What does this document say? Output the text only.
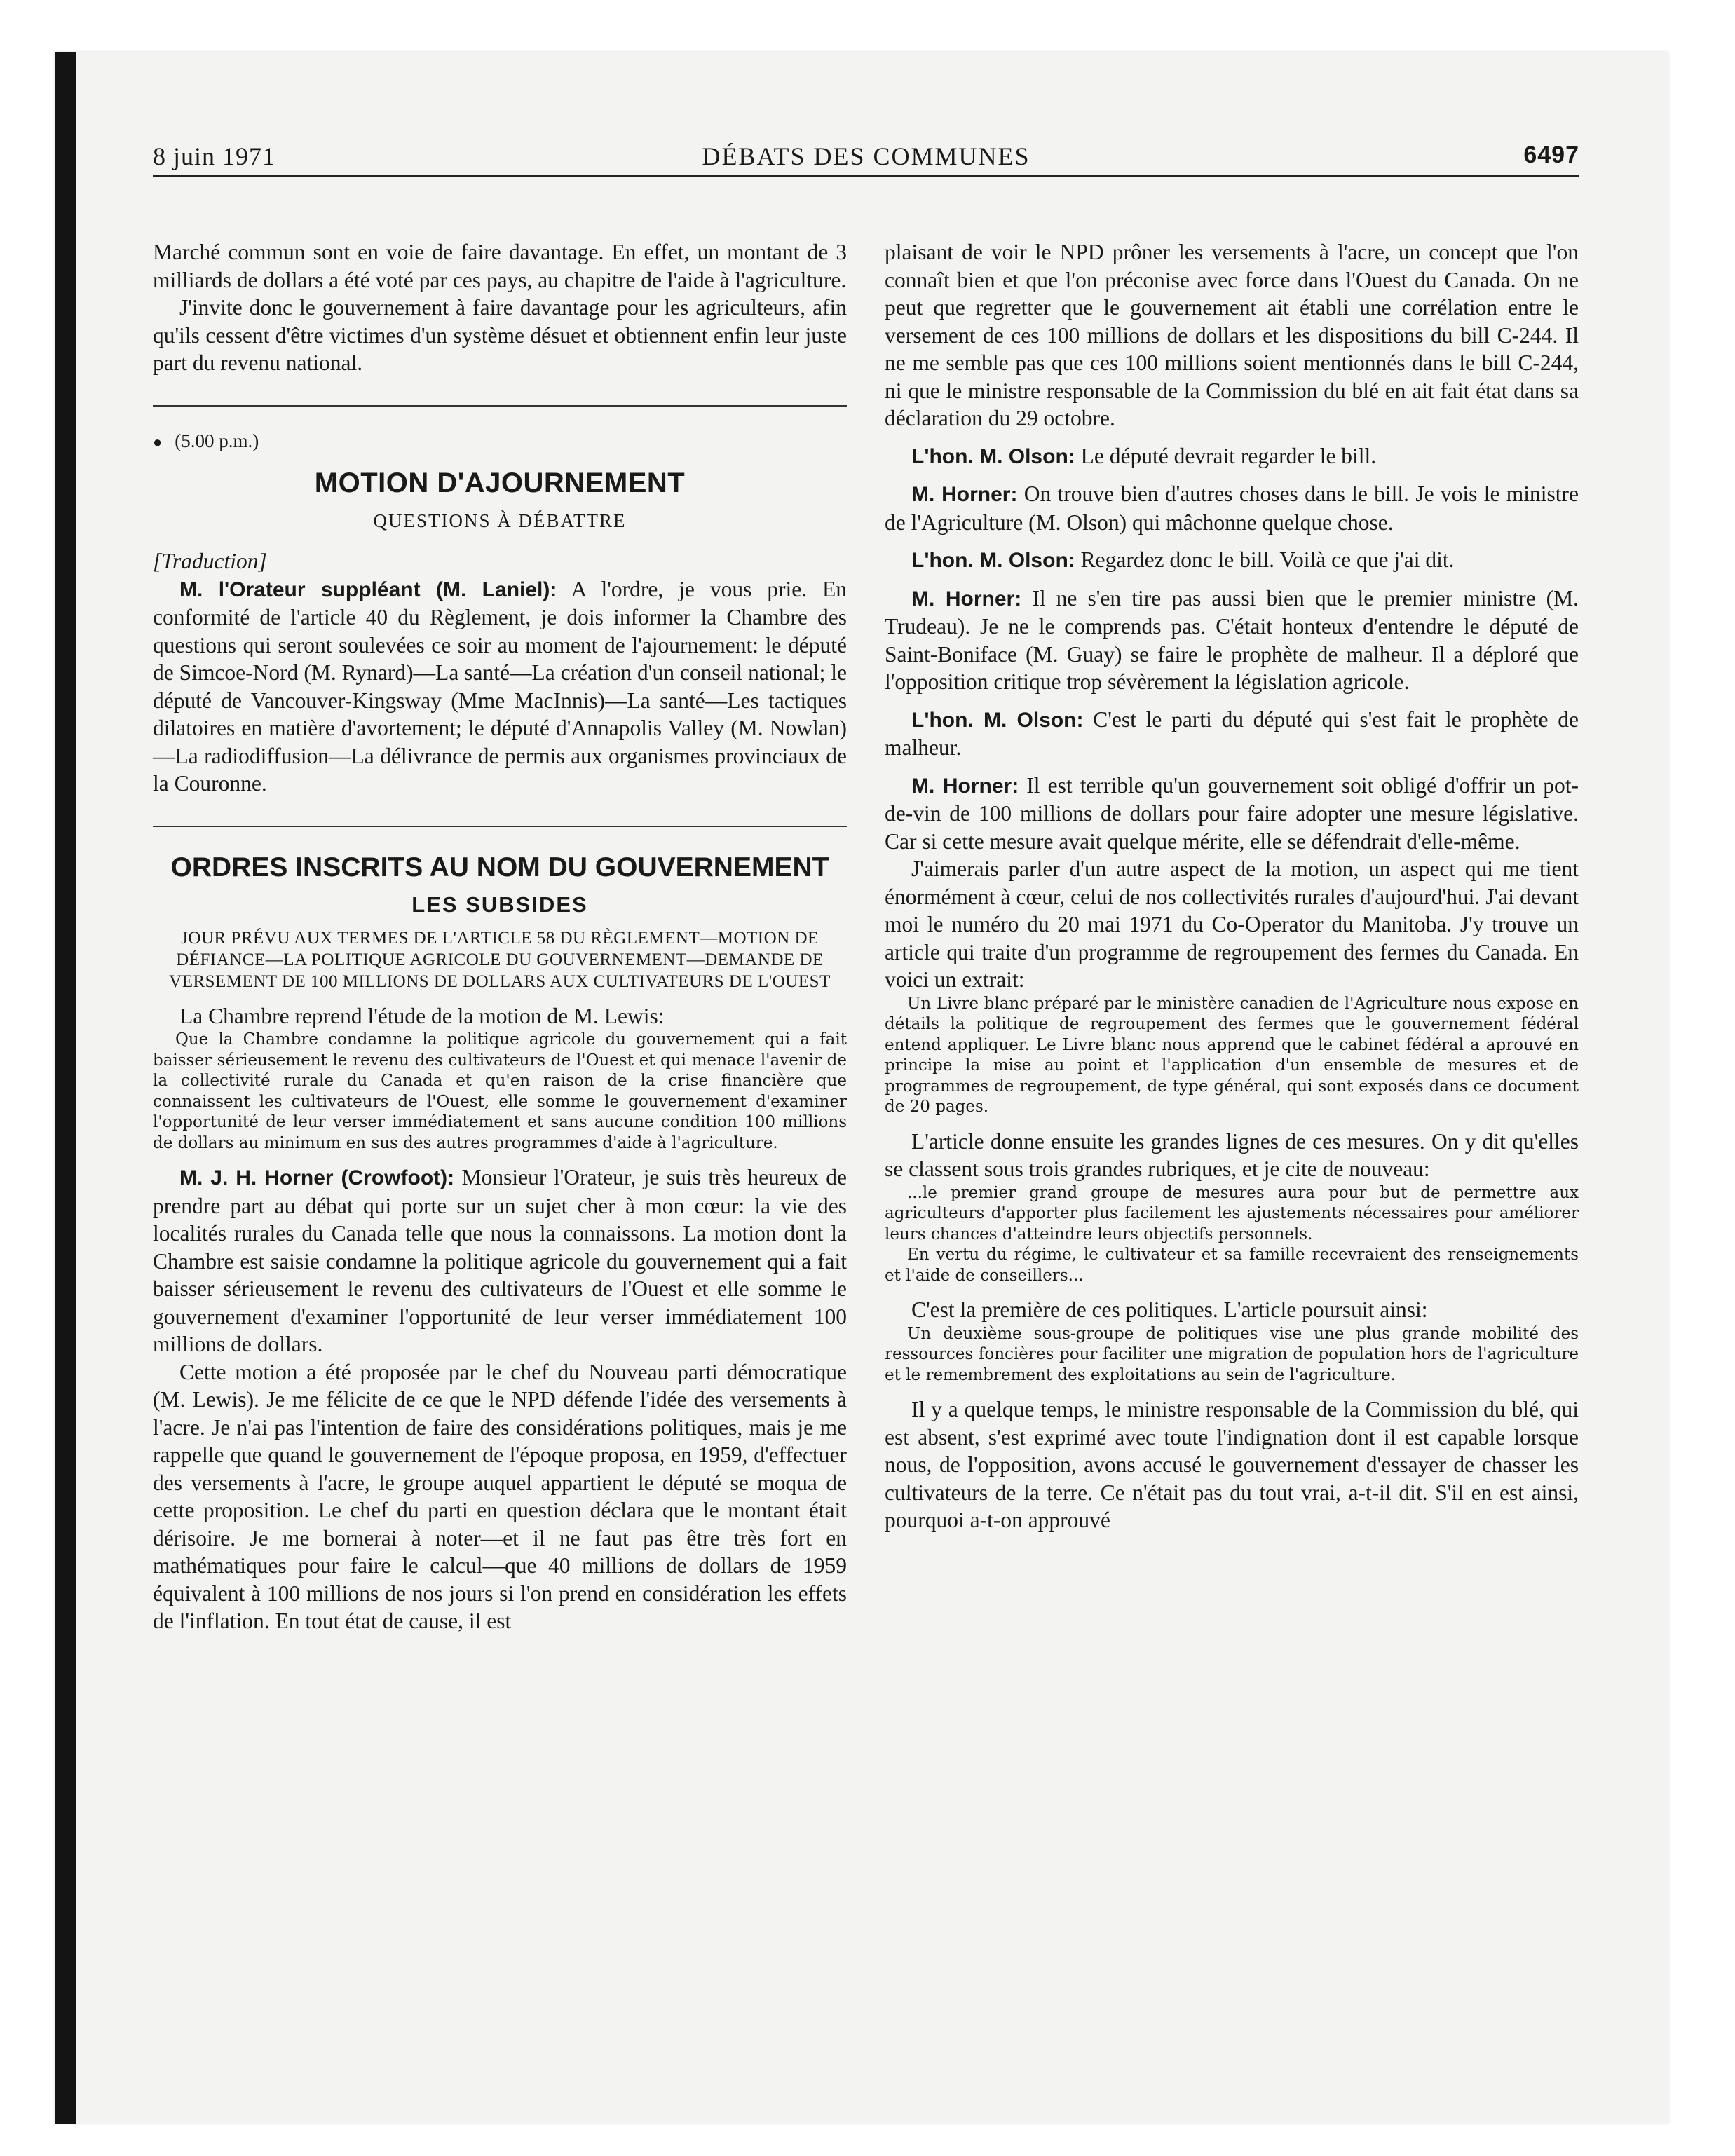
8 juin 1971	DÉBATS DES COMMUNES	6497

Marché commun sont en voie de faire davantage. En effet, un montant de 3 milliards de dollars a été voté par ces pays, au chapitre de l'aide à l'agriculture.

J'invite donc le gouvernement à faire davantage pour les agriculteurs, afin qu'ils cessent d'être victimes d'un système désuet et obtiennent enfin leur juste part du revenu national.

● (5.00 p.m.)

MOTION D'AJOURNEMENT

QUESTIONS À DÉBATTRE

[Traduction]

M. l'Orateur suppléant (M. Laniel): A l'ordre, je vous prie. En conformité de l'article 40 du Règlement, je dois informer la Chambre des questions qui seront soulevées ce soir au moment de l'ajournement: le député de Simcoe-Nord (M. Rynard)—La santé—La création d'un conseil national; le député de Vancouver-Kingsway (Mme MacInnis)—La santé—Les tactiques dilatoires en matière d'avortement; le député d'Annapolis Valley (M. Nowlan)—La radiodiffusion—La délivrance de permis aux organismes provinciaux de la Couronne.

ORDRES INSCRITS AU NOM DU GOUVERNEMENT

LES SUBSIDES

JOUR PRÉVU AUX TERMES DE L'ARTICLE 58 DU RÈGLEMENT—MOTION DE DÉFIANCE—LA POLITIQUE AGRICOLE DU GOUVERNEMENT—DEMANDE DE VERSEMENT DE 100 MILLIONS DE DOLLARS AUX CULTIVATEURS DE L'OUEST

La Chambre reprend l'étude de la motion de M. Lewis:

Que la Chambre condamne la politique agricole du gouvernement qui a fait baisser sérieusement le revenu des cultivateurs de l'Ouest et qui menace l'avenir de la collectivité rurale du Canada et qu'en raison de la crise financière que connaissent les cultivateurs de l'Ouest, elle somme le gouvernement d'examiner l'opportunité de leur verser immédiatement et sans aucune condition 100 millions de dollars au minimum en sus des autres programmes d'aide à l'agriculture.

M. J. H. Horner (Crowfoot): Monsieur l'Orateur, je suis très heureux de prendre part au débat qui porte sur un sujet cher à mon cœur: la vie des localités rurales du Canada telle que nous la connaissons. La motion dont la Chambre est saisie condamne la politique agricole du gouvernement qui a fait baisser sérieusement le revenu des cultivateurs de l'Ouest et elle somme le gouvernement d'examiner l'opportunité de leur verser immédiatement 100 millions de dollars.

Cette motion a été proposée par le chef du Nouveau parti démocratique (M. Lewis). Je me félicite de ce que le NPD défende l'idée des versements à l'acre. Je n'ai pas l'intention de faire des considérations politiques, mais je me rappelle que quand le gouvernement de l'époque proposa, en 1959, d'effectuer des versements à l'acre, le groupe auquel appartient le député se moqua de cette proposition. Le chef du parti en question déclara que le montant était dérisoire. Je me bornerai à noter—et il ne faut pas être très fort en mathématiques pour faire le calcul—que 40 millions de dollars de 1959 équivalent à 100 millions de nos jours si l'on prend en considération les effets de l'inflation. En tout état de cause, il est

plaisant de voir le NPD prôner les versements à l'acre, un concept que l'on connaît bien et que l'on préconise avec force dans l'Ouest du Canada. On ne peut que regretter que le gouvernement ait établi une corrélation entre le versement de ces 100 millions de dollars et les dispositions du bill C-244. Il ne me semble pas que ces 100 millions soient mentionnés dans le bill C-244, ni que le ministre responsable de la Commission du blé en ait fait état dans sa déclaration du 29 octobre.

L'hon. M. Olson: Le député devrait regarder le bill.

M. Horner: On trouve bien d'autres choses dans le bill. Je vois le ministre de l'Agriculture (M. Olson) qui mâchonne quelque chose.

L'hon. M. Olson: Regardez donc le bill. Voilà ce que j'ai dit.

M. Horner: Il ne s'en tire pas aussi bien que le premier ministre (M. Trudeau). Je ne le comprends pas. C'était honteux d'entendre le député de Saint-Boniface (M. Guay) se faire le prophète de malheur. Il a déploré que l'opposition critique trop sévèrement la législation agricole.

L'hon. M. Olson: C'est le parti du député qui s'est fait le prophète de malheur.

M. Horner: Il est terrible qu'un gouvernement soit obligé d'offrir un pot-de-vin de 100 millions de dollars pour faire adopter une mesure législative. Car si cette mesure avait quelque mérite, elle se défendrait d'elle-même.

J'aimerais parler d'un autre aspect de la motion, un aspect qui me tient énormément à cœur, celui de nos collectivités rurales d'aujourd'hui. J'ai devant moi le numéro du 20 mai 1971 du Co-Operator du Manitoba. J'y trouve un article qui traite d'un programme de regroupement des fermes du Canada. En voici un extrait:

Un Livre blanc préparé par le ministère canadien de l'Agriculture nous expose en détails la politique de regroupement des fermes que le gouvernement fédéral entend appliquer. Le Livre blanc nous apprend que le cabinet fédéral a aprouvé en principe la mise au point et l'application d'un ensemble de mesures et de programmes de regroupement, de type général, qui sont exposés dans ce document de 20 pages.

L'article donne ensuite les grandes lignes de ces mesures. On y dit qu'elles se classent sous trois grandes rubriques, et je cite de nouveau:

...le premier grand groupe de mesures aura pour but de permettre aux agriculteurs d'apporter plus facilement les ajustements nécessaires pour améliorer leurs chances d'atteindre leurs objectifs personnels.

En vertu du régime, le cultivateur et sa famille recevraient des renseignements et l'aide de conseillers...

C'est la première de ces politiques. L'article poursuit ainsi:

Un deuxième sous-groupe de politiques vise une plus grande mobilité des ressources foncières pour faciliter une migration de population hors de l'agriculture et le remembrement des exploitations au sein de l'agriculture.

Il y a quelque temps, le ministre responsable de la Commission du blé, qui est absent, s'est exprimé avec toute l'indignation dont il est capable lorsque nous, de l'opposition, avons accusé le gouvernement d'essayer de chasser les cultivateurs de la terre. Ce n'était pas du tout vrai, a-t-il dit. S'il en est ainsi, pourquoi a-t-on approuvé
